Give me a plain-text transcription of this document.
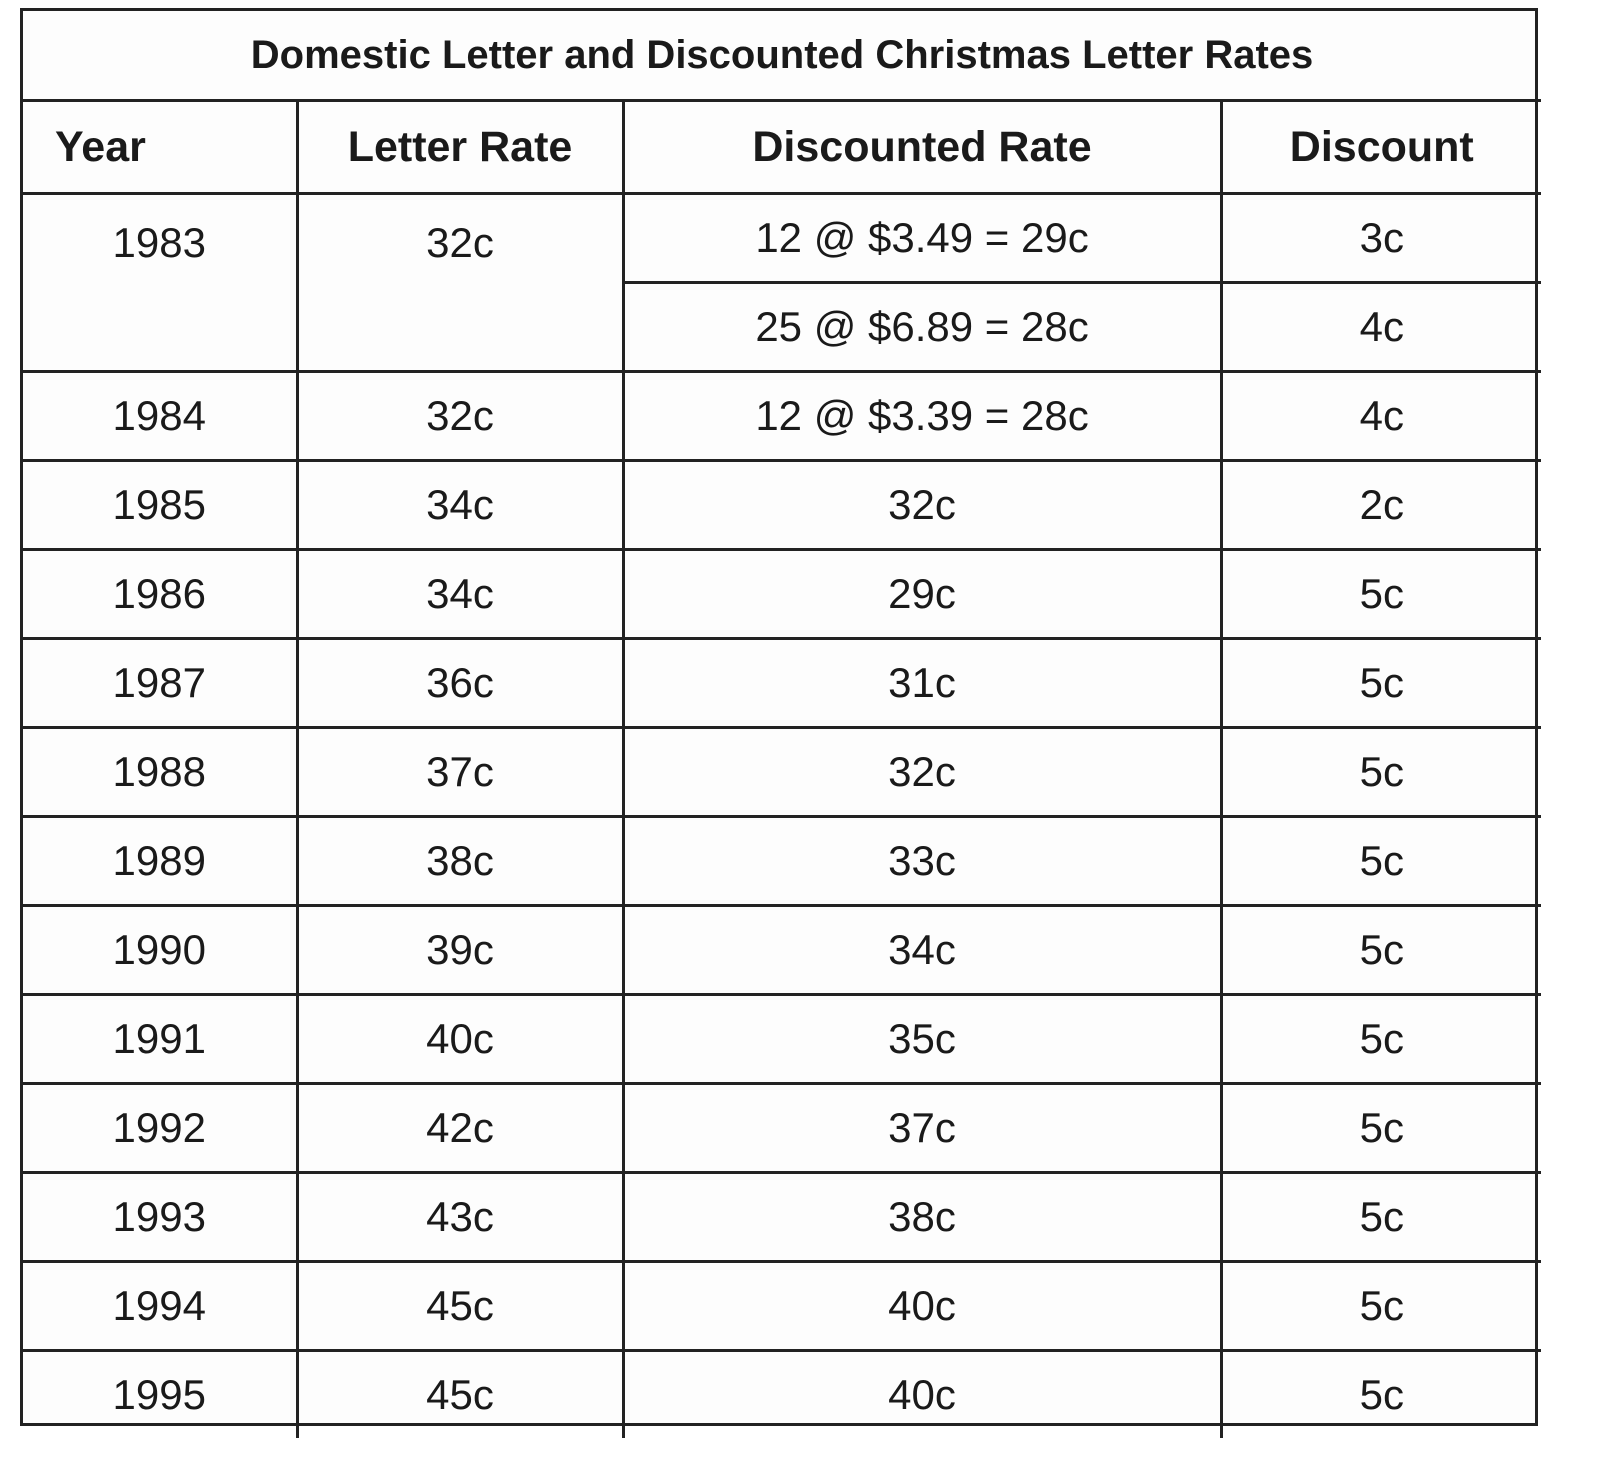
Domestic Letter and Discounted Christmas Letter Rates			
Year	Letter Rate	Discounted Rate	Discount
1983	32c	12 @ $3.49 = 29c	3c
		25 @ $6.89 = 28c	4c
1984	32c	12 @ $3.39 = 28c	4c
1985	34c	32c	2c
1986	34c	29c	5c
1987	36c	31c	5c
1988	37c	32c	5c
1989	38c	33c	5c
1990	39c	34c	5c
1991	40c	35c	5c
1992	42c	37c	5c
1993	43c	38c	5c
1994	45c	40c	5c
1995	45c	40c	5c
